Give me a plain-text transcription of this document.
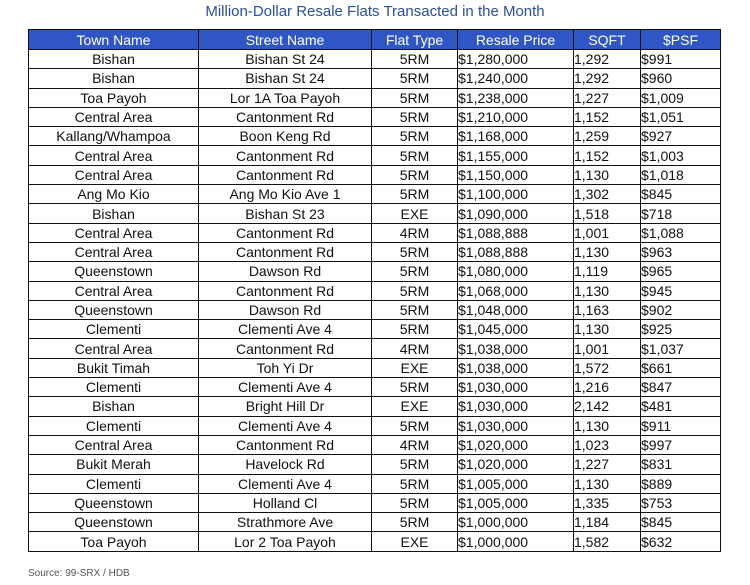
Million-Dollar Resale Flats Transacted in the Month
Town Name	Street Name	Flat Type	Resale Price	SQFT	$PSF
Bishan	Bishan St 24	5RM	$1,280,000	1,292	$991
Bishan	Bishan St 24	5RM	$1,240,000	1,292	$960
Toa Payoh	Lor 1A Toa Payoh	5RM	$1,238,000	1,227	$1,009
Central Area	Cantonment Rd	5RM	$1,210,000	1,152	$1,051
Kallang/Whampoa	Boon Keng Rd	5RM	$1,168,000	1,259	$927
Central Area	Cantonment Rd	5RM	$1,155,000	1,152	$1,003
Central Area	Cantonment Rd	5RM	$1,150,000	1,130	$1,018
Ang Mo Kio	Ang Mo Kio Ave 1	5RM	$1,100,000	1,302	$845
Bishan	Bishan St 23	EXE	$1,090,000	1,518	$718
Central Area	Cantonment Rd	4RM	$1,088,888	1,001	$1,088
Central Area	Cantonment Rd	5RM	$1,088,888	1,130	$963
Queenstown	Dawson Rd	5RM	$1,080,000	1,119	$965
Central Area	Cantonment Rd	5RM	$1,068,000	1,130	$945
Queenstown	Dawson Rd	5RM	$1,048,000	1,163	$902
Clementi	Clementi Ave 4	5RM	$1,045,000	1,130	$925
Central Area	Cantonment Rd	4RM	$1,038,000	1,001	$1,037
Bukit Timah	Toh Yi Dr	EXE	$1,038,000	1,572	$661
Clementi	Clementi Ave 4	5RM	$1,030,000	1,216	$847
Bishan	Bright Hill Dr	EXE	$1,030,000	2,142	$481
Clementi	Clementi Ave 4	5RM	$1,030,000	1,130	$911
Central Area	Cantonment Rd	4RM	$1,020,000	1,023	$997
Bukit Merah	Havelock Rd	5RM	$1,020,000	1,227	$831
Clementi	Clementi Ave 4	5RM	$1,005,000	1,130	$889
Queenstown	Holland Cl	5RM	$1,005,000	1,335	$753
Queenstown	Strathmore Ave	5RM	$1,000,000	1,184	$845
Toa Payoh	Lor 2 Toa Payoh	EXE	$1,000,000	1,582	$632
Source: 99-SRX / HDB
